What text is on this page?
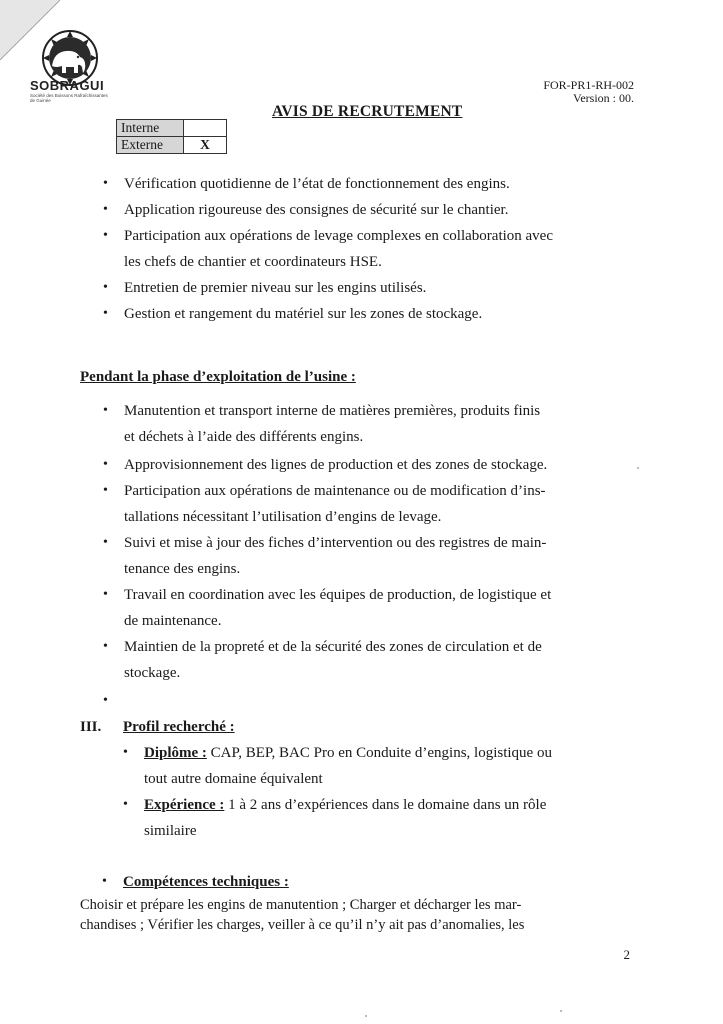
SOBRAGUI
Société des Boissons Rafraîchissantes de Guinée
FOR-PR1-RH-002
Version : 00.
AVIS DE RECRUTEMENT
Interne	
Externe	X
• Vérification quotidienne de l’état de fonctionnement des engins.
• Application rigoureuse des consignes de sécurité sur le chantier.
• Participation aux opérations de levage complexes en collaboration avec
les chefs de chantier et coordinateurs HSE.
• Entretien de premier niveau sur les engins utilisés.
• Gestion et rangement du matériel sur les zones de stockage.
Pendant la phase d’exploitation de l’usine :
• Manutention et transport interne de matières premières, produits finis
et déchets à l’aide des différents engins.
• Approvisionnement des lignes de production et des zones de stockage.
• Participation aux opérations de maintenance ou de modification d’ins-
tallations nécessitant l’utilisation d’engins de levage.
• Suivi et mise à jour des fiches d’intervention ou des registres de main-
tenance des engins.
• Travail en coordination avec les équipes de production, de logistique et
de maintenance.
• Maintien de la propreté et de la sécurité des zones de circulation et de
stockage.
•
III. Profil recherché :
• Diplôme : CAP, BEP, BAC Pro en Conduite d’engins, logistique ou
tout autre domaine équivalent
• Expérience : 1 à 2 ans d’expériences dans le domaine dans un rôle
similaire
• Compétences techniques :
Choisir et prépare les engins de manutention ; Charger et décharger les mar-
chandises ; Vérifier les charges, veiller à ce qu’il n’y ait pas d’anomalies, les
2
